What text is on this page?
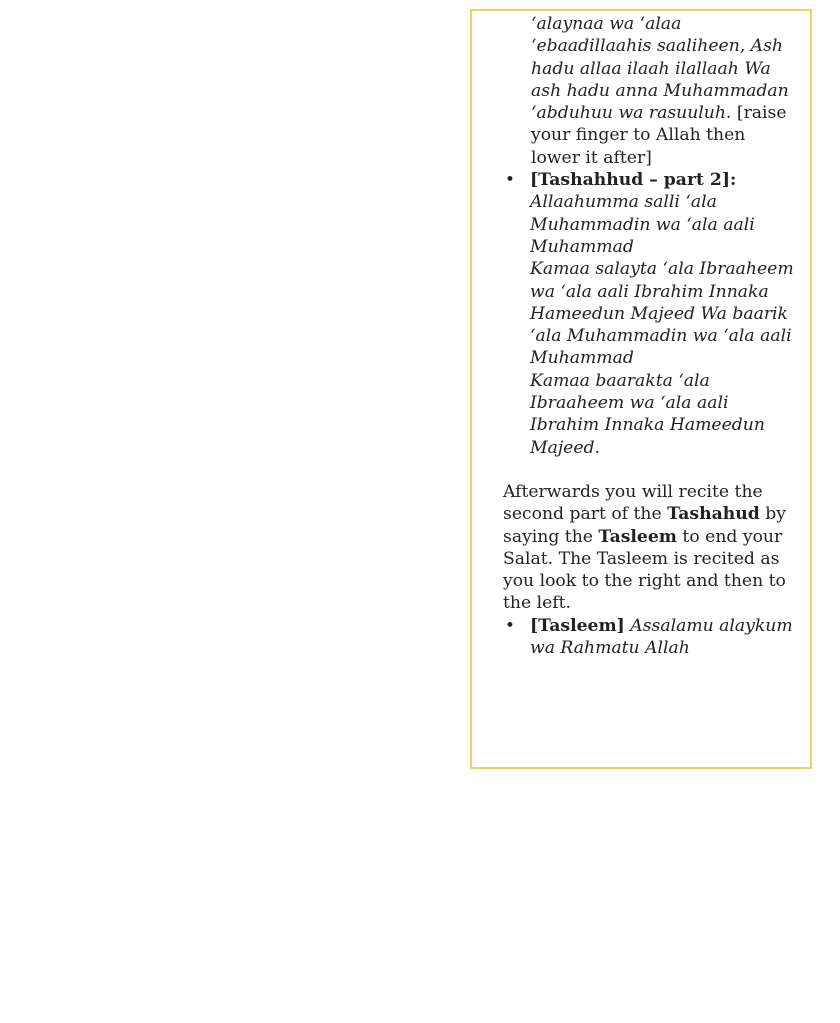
‘alaynaa wa ‘alaa ‘ebaadillaahis saaliheen, Ash hadu allaa ilaah ilallaah Wa ash hadu anna Muhammadan ‘abduhuu wa rasuuluh. [raise your finger to Allah then lower it after]
• [Tashahhud – part 2]:
Allaahumma salli ‘ala Muhammadin wa ‘ala aali Muhammad
Kamaa salayta ‘ala Ibraaheem wa ‘ala aali Ibrahim Innaka Hameedun Majeed Wa baarik ‘ala Muhammadin wa ‘ala aali Muhammad
Kamaa baarakta ‘ala Ibraaheem wa ‘ala aali Ibrahim Innaka Hameedun Majeed.

Afterwards you will recite the second part of the Tashahud by saying the Tasleem to end your Salat. The Tasleem is recited as you look to the right and then to the left.

• [Tasleem] Assalamu alaykum wa Rahmatu Allah
